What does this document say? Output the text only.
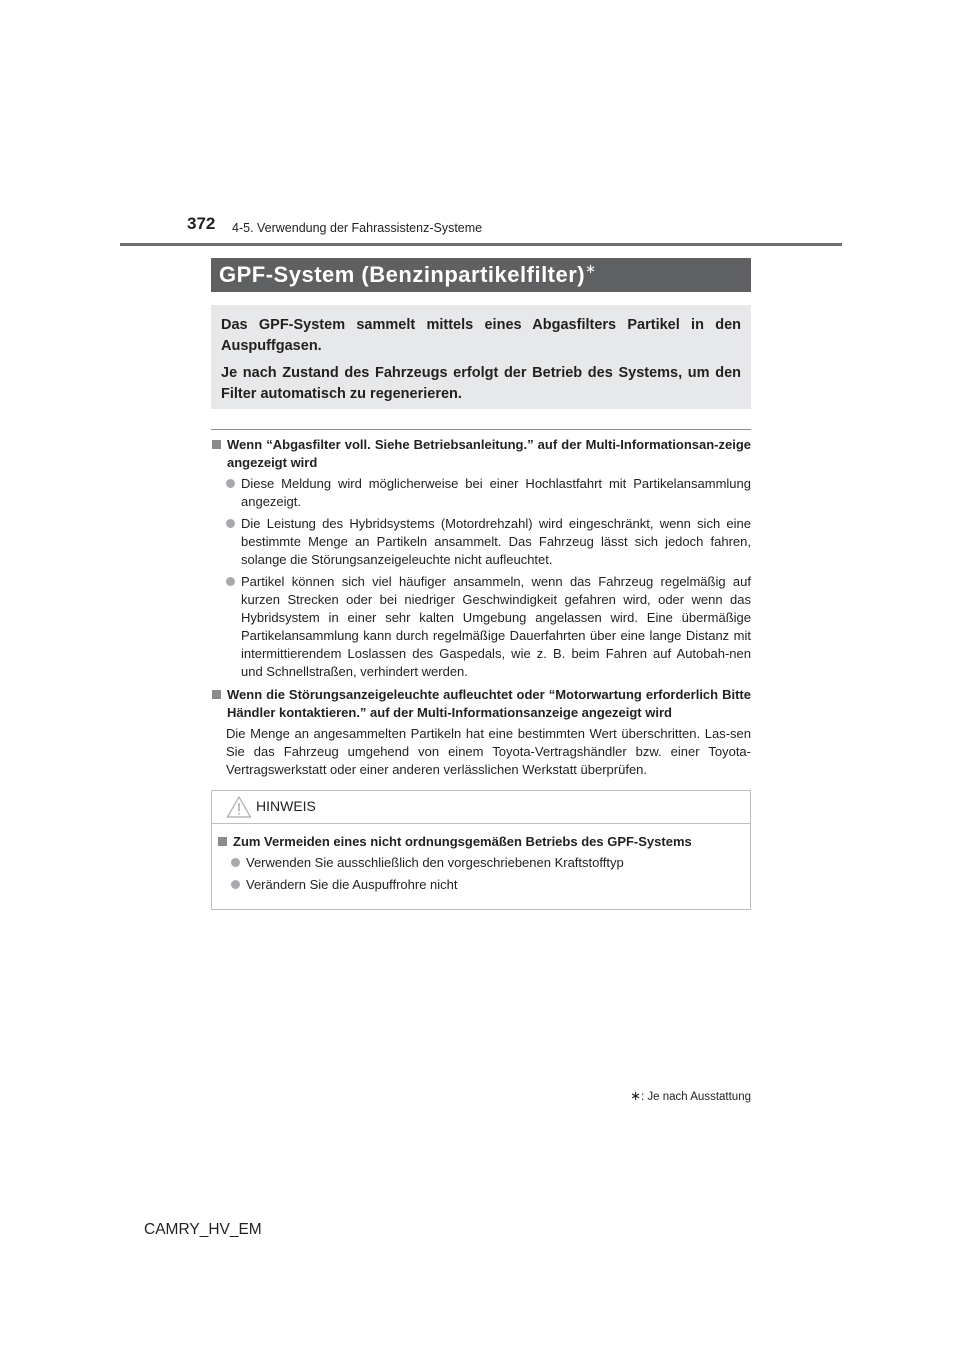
372 4-5. Verwendung der Fahrassistenz-Systeme
GPF-System (Benzinpartikelfilter)∗

Das GPF-System sammelt mittels eines Abgasfilters Partikel in den Auspuffgasen.

Je nach Zustand des Fahrzeugs erfolgt der Betrieb des Systems, um den Filter automatisch zu regenerieren.

Wenn “Abgasfilter voll. Siehe Betriebsanleitung.” auf der Multi-Informationsan-zeige angezeigt wird
Diese Meldung wird möglicherweise bei einer Hochlastfahrt mit Partikelansammlung angezeigt.
Die Leistung des Hybridsystems (Motordrehzahl) wird eingeschränkt, wenn sich eine bestimmte Menge an Partikeln ansammelt. Das Fahrzeug lässt sich jedoch fahren, solange die Störungsanzeigeleuchte nicht aufleuchtet.
Partikel können sich viel häufiger ansammeln, wenn das Fahrzeug regelmäßig auf kurzen Strecken oder bei niedriger Geschwindigkeit gefahren wird, oder wenn das Hybridsystem in einer sehr kalten Umgebung angelassen wird. Eine übermäßige Partikelansammlung kann durch regelmäßige Dauerfahrten über eine lange Distanz mit intermittierendem Loslassen des Gaspedals, wie z. B. beim Fahren auf Autobah-nen und Schnellstraßen, verhindert werden.
Wenn die Störungsanzeigeleuchte aufleuchtet oder “Motorwartung erforderlich Bitte Händler kontaktieren.” auf der Multi-Informationsanzeige angezeigt wird
Die Menge an angesammelten Partikeln hat eine bestimmten Wert überschritten. Las-sen Sie das Fahrzeug umgehend von einem Toyota-Vertragshändler bzw. einer Toyota-Vertragswerkstatt oder einer anderen verlässlichen Werkstatt überprüfen.
HINWEIS
Zum Vermeiden eines nicht ordnungsgemäßen Betriebs des GPF-Systems
Verwenden Sie ausschließlich den vorgeschriebenen Kraftstofftyp
Verändern Sie die Auspuffrohre nicht
∗: Je nach Ausstattung
CAMRY_HV_EM
